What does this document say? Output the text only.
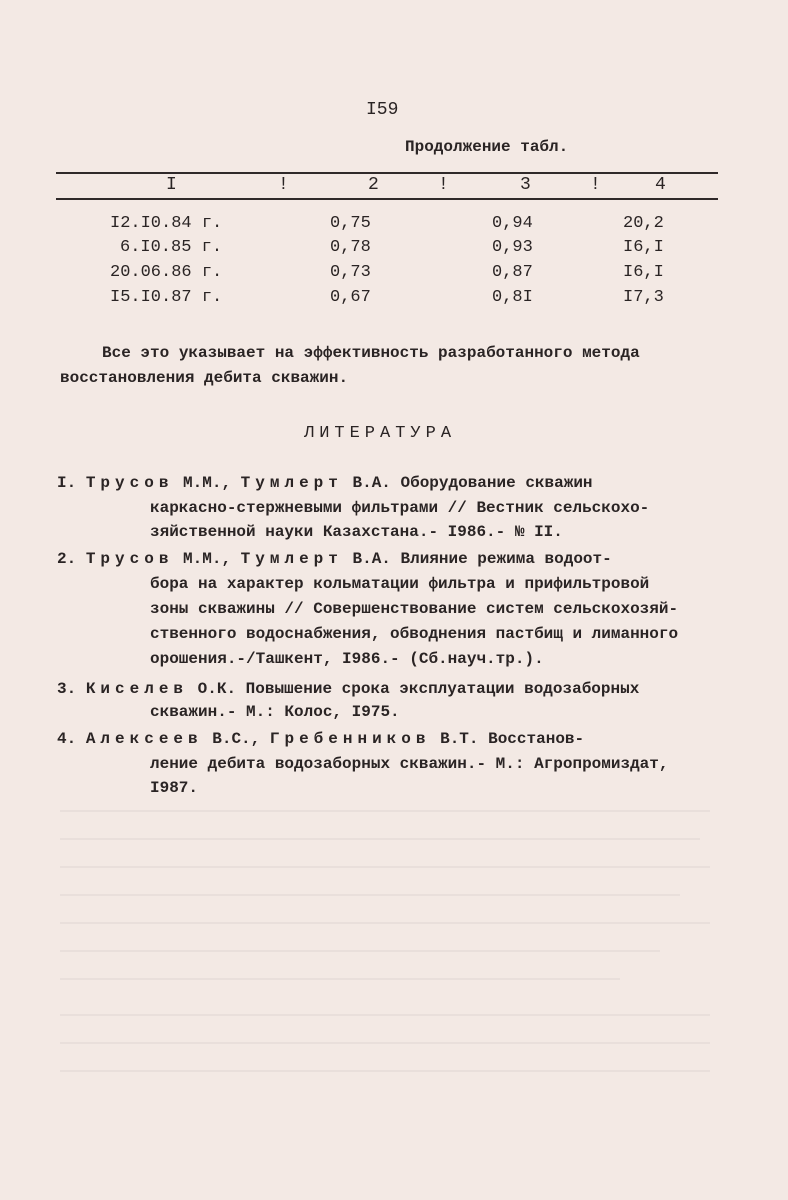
I59
Продолжение табл.
I	!	2	!	3	!	4
I2.I0.84 г.	0,75	0,94	20,2
6.I0.85 г.	0,78	0,93	I6,I
20.06.86 г.	0,73	0,87	I6,I
I5.I0.87 г.	0,67	0,8I	I7,3
Все это указывает на эффективность разработанного метода
восстановления дебита скважин.
ЛИТЕРАТУРА
I. Трусов М.М., Тумлерт В.А. Оборудование скважин
каркасно-стержневыми фильтрами // Вестник сельскохо-
зяйственной науки Казахстана.- I986.- № II.
2. Трусов М.М., Тумлерт В.А. Влияние режима водоот-
бора на характер кольматации фильтра и прифильтровой
зоны скважины // Совершенствование систем сельскохозяй-
ственного водоснабжения, обводнения пастбищ и лиманного
орошения.-/Ташкент, I986.- (Сб.науч.тр.).
3. Киселев О.К. Повышение срока эксплуатации водозаборных
скважин.- М.: Колос, I975.
4. Алексеев В.С., Гребенников В.Т. Восстанов-
ление дебита водозаборных скважин.- М.: Агропромиздат,
I987.
